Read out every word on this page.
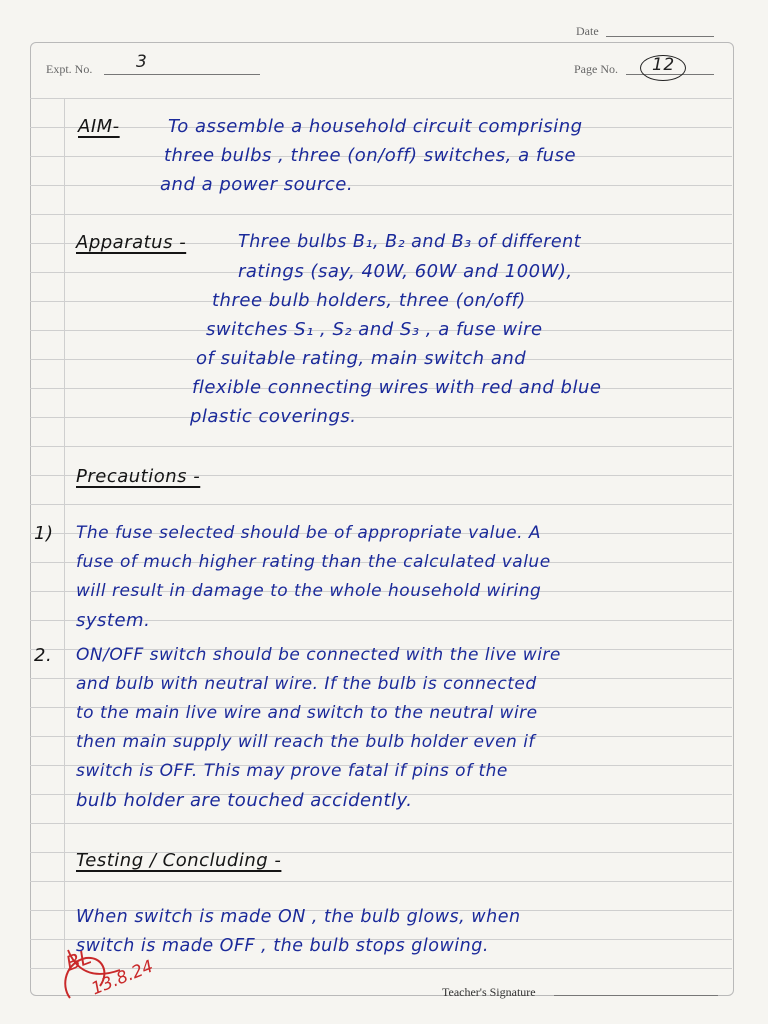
Date
Expt. No.	3	Page No. 12
AIM-	To assemble a household circuit comprising
three bulbs , three (on/off) switches, a fuse
and a power source.
Apparatus -	Three bulbs B₁, B₂ and B₃ of different
ratings (say, 40W, 60W and 100W),
three bulb holders, three (on/off)
switches S₁ , S₂ and S₃ , a fuse wire
of suitable rating, main switch and
flexible connecting wires with red and blue
plastic coverings.
Precautions -
1) The fuse selected should be of appropriate value. A
fuse of much higher rating than the calculated value
will result in damage to the whole household wiring
system.
2. ON/OFF switch should be connected with the live wire
and bulb with neutral wire. If the bulb is connected
to the main live wire and switch to the neutral wire
then main supply will reach the bulb holder even if
switch is OFF. This may prove fatal if pins of the
bulb holder are touched accidently.
Testing / Concluding -
When switch is made ON , the bulb glows, when
switch is made OFF , the bulb stops glowing.
BL
13.8.24	Teacher's Signature
